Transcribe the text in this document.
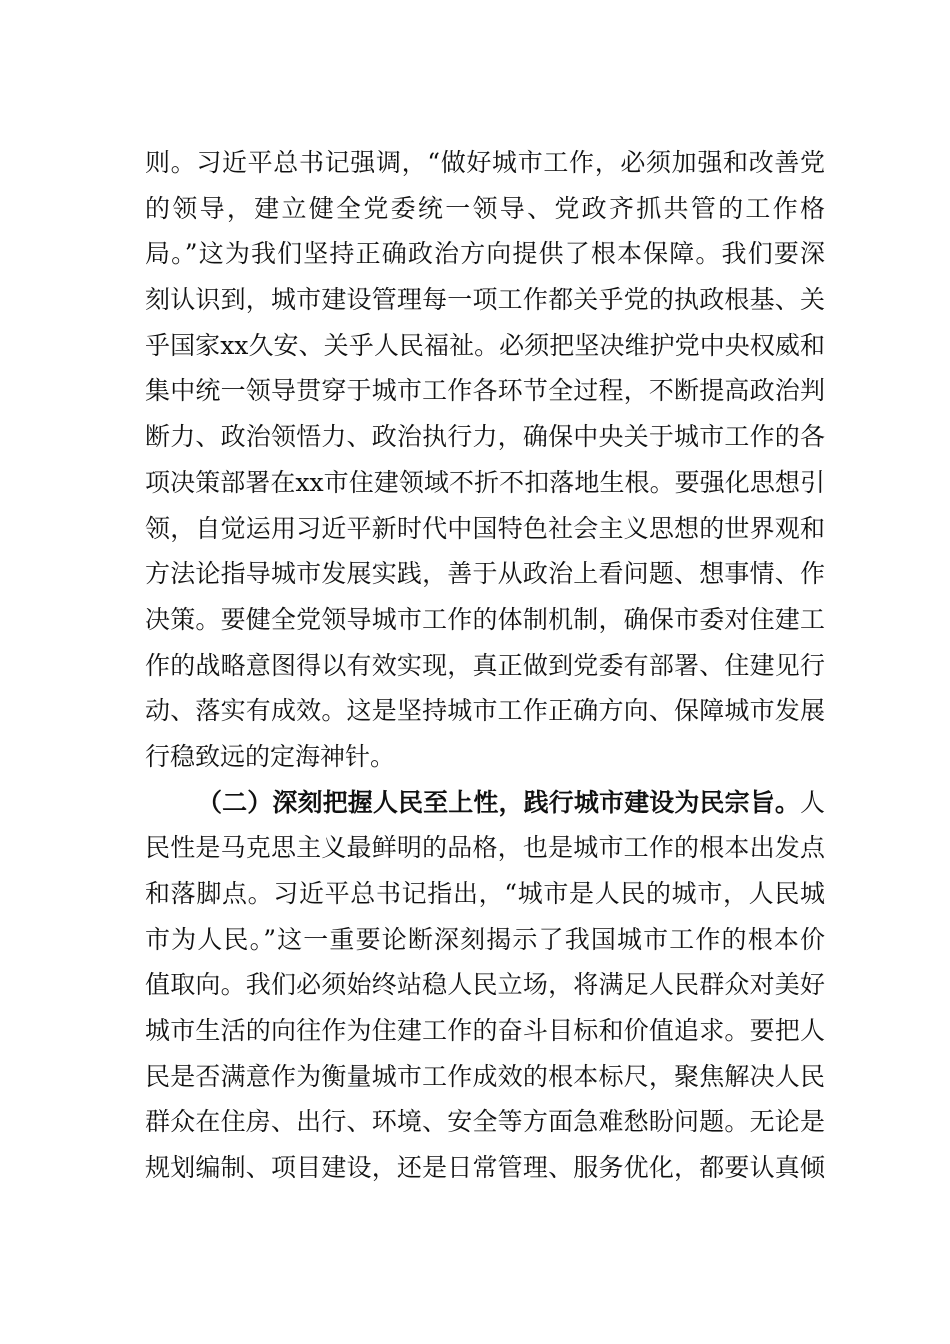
则。习近平总书记强调，“做好城市工作，必须加强和改善党
的领导，建立健全党委统一领导、党政齐抓共管的工作格
局。”这为我们坚持正确政治方向提供了根本保障。我们要深
刻认识到，城市建设管理每一项工作都关乎党的执政根基、关
乎国家xx久安、关乎人民福祉。必须把坚决维护党中央权威和
集中统一领导贯穿于城市工作各环节全过程，不断提高政治判
断力、政治领悟力、政治执行力，确保中央关于城市工作的各
项决策部署在xx市住建领域不折不扣落地生根。要强化思想引
领，自觉运用习近平新时代中国特色社会主义思想的世界观和
方法论指导城市发展实践，善于从政治上看问题、想事情、作
决策。要健全党领导城市工作的体制机制，确保市委对住建工
作的战略意图得以有效实现，真正做到党委有部署、住建见行
动、落实有成效。这是坚持城市工作正确方向、保障城市发展
行稳致远的定海神针。
（二）深刻把握人民至上性，践行城市建设为民宗旨。人
民性是马克思主义最鲜明的品格，也是城市工作的根本出发点
和落脚点。习近平总书记指出，“城市是人民的城市，人民城
市为人民。”这一重要论断深刻揭示了我国城市工作的根本价
值取向。我们必须始终站稳人民立场，将满足人民群众对美好
城市生活的向往作为住建工作的奋斗目标和价值追求。要把人
民是否满意作为衡量城市工作成效的根本标尺，聚焦解决人民
群众在住房、出行、环境、安全等方面急难愁盼问题。无论是
规划编制、项目建设，还是日常管理、服务优化，都要认真倾
